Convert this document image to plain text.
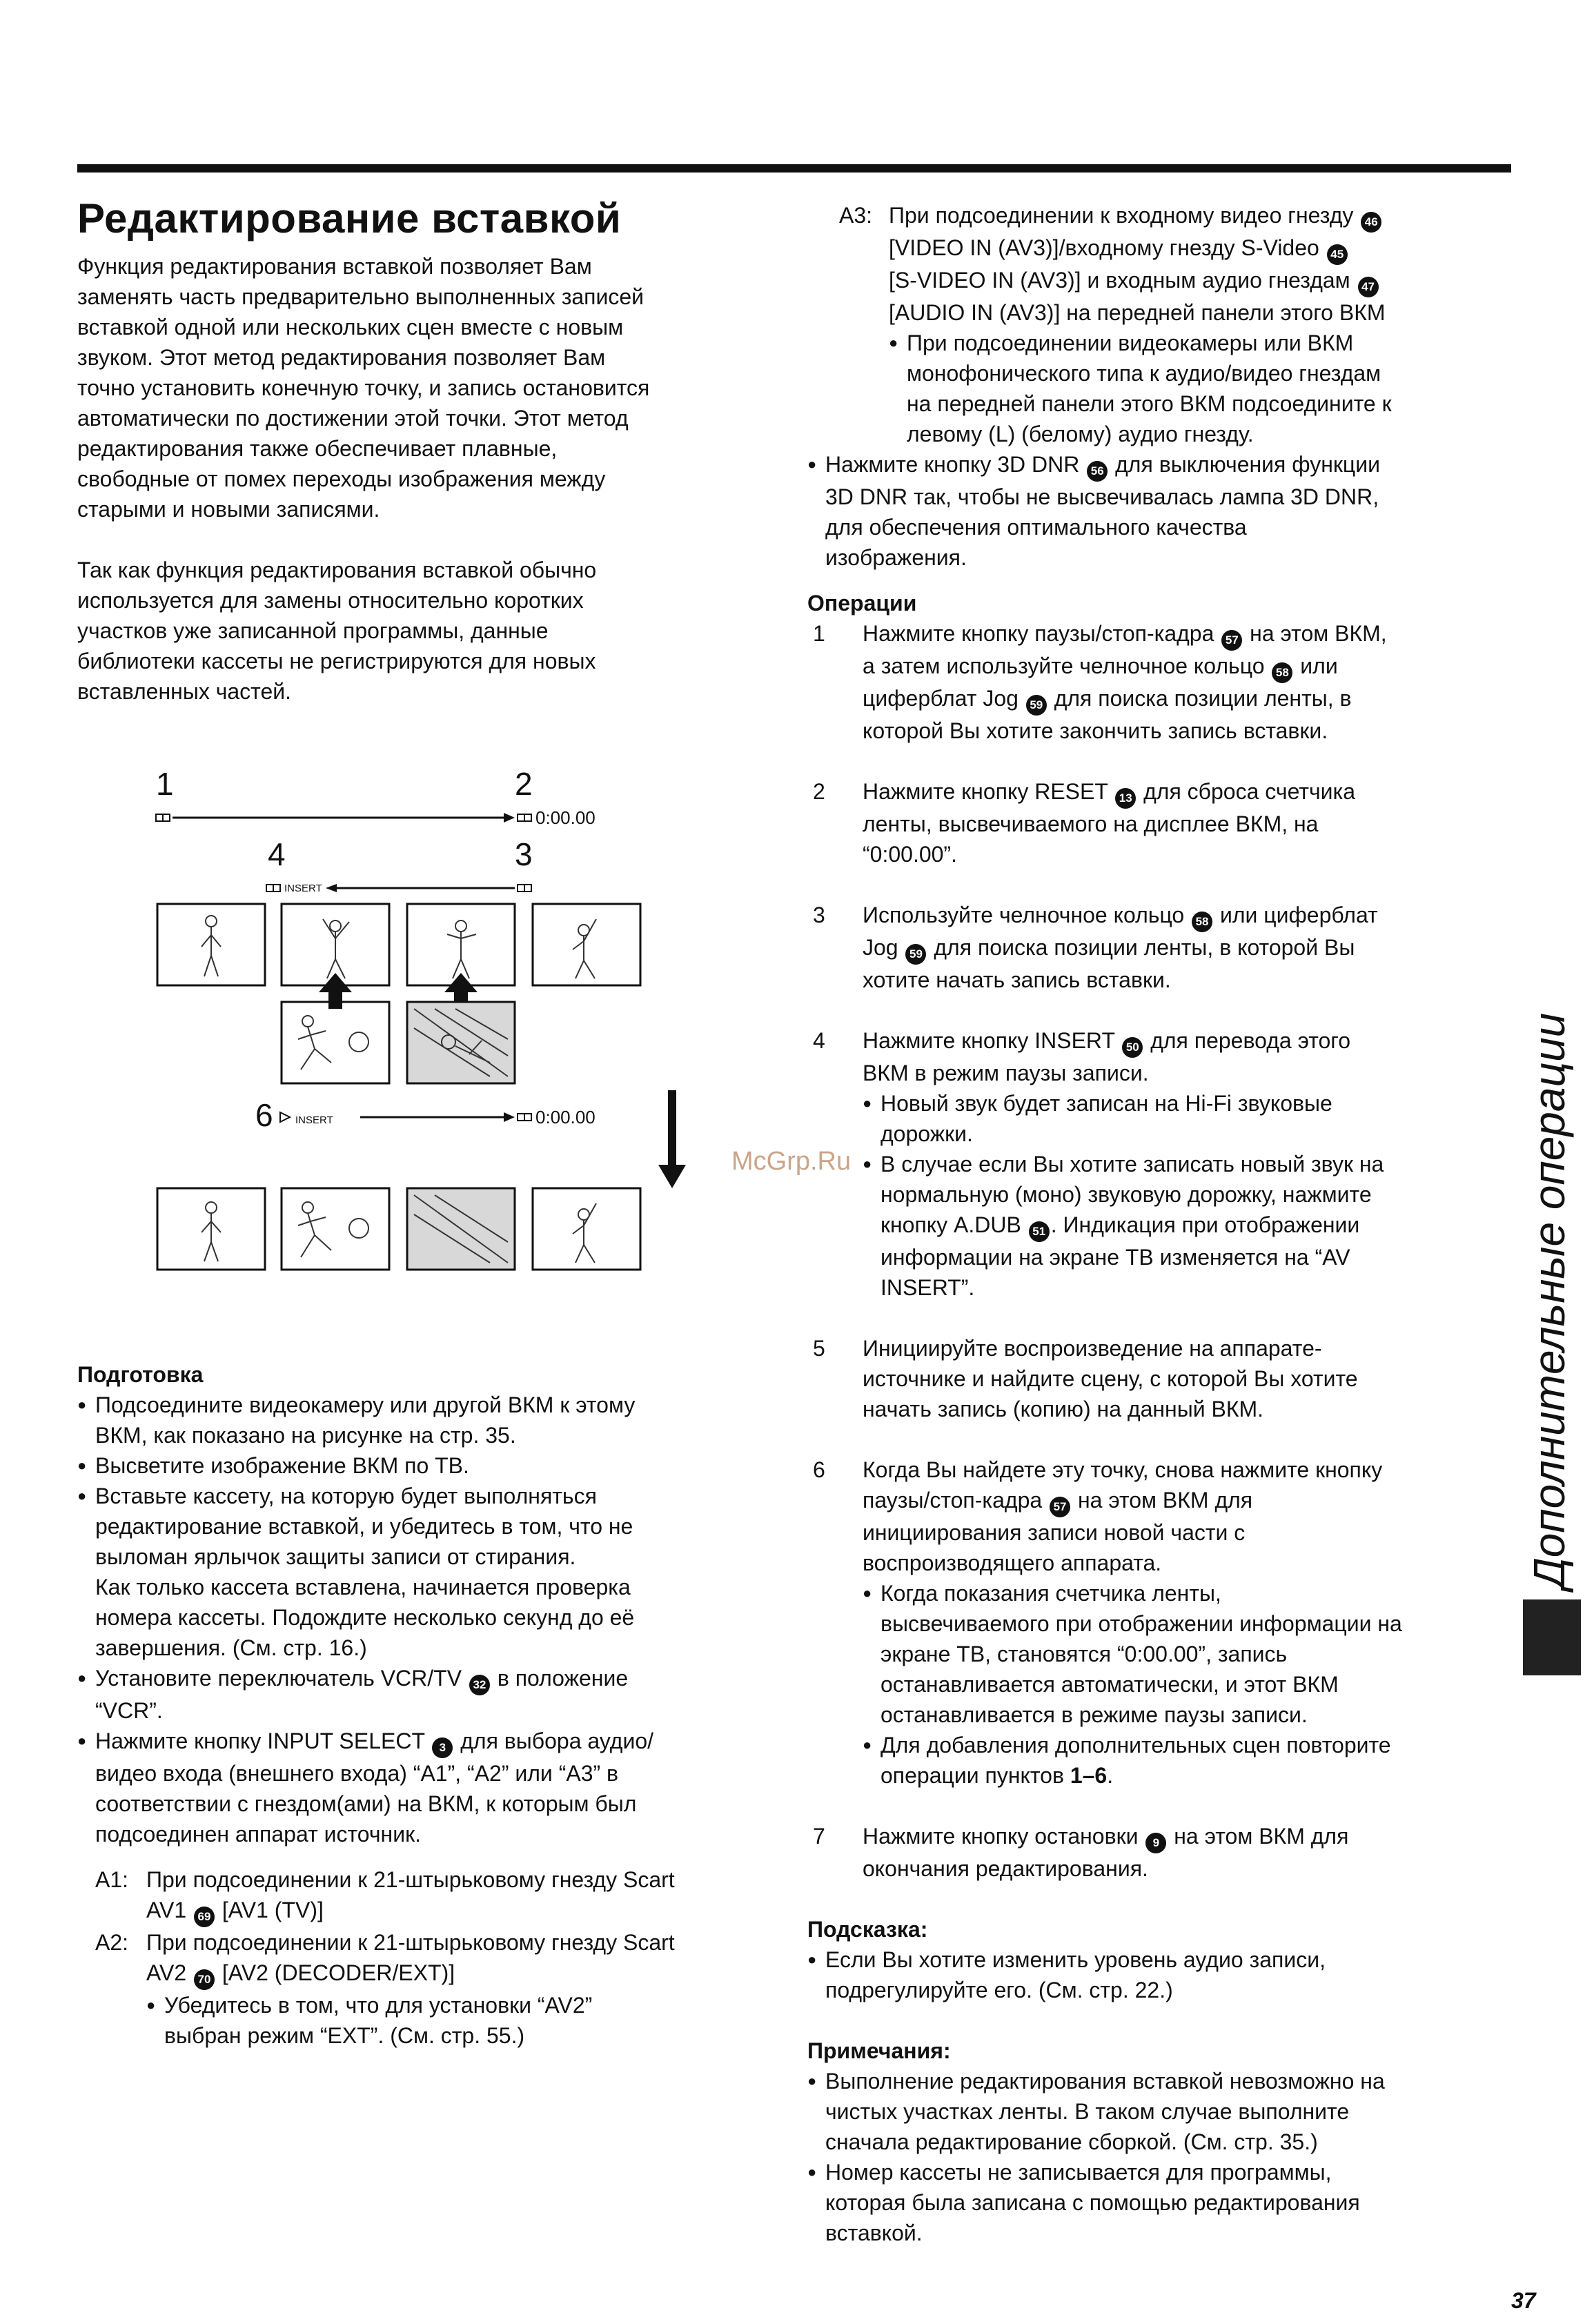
Редактирование вставкой

Функция редактирования вставкой позволяет Вам

заменять часть предварительно выполненных записей

вставкой одной или нескольких сцен вместе с новым

звуком. Этот метод редактирования позволяет Вам

точно установить конечную точку, и запись остановится

автоматически по достижении этой точки. Этот метод

редактирования также обеспечивает плавные,

свободные от помех переходы изображения между

старыми и новыми записями.

Так как функция редактирования вставкой обычно

используется для замены относительно коротких

участков уже записанной программы, данные

библиотеки кассеты не регистрируются для новых

вставленных частей.

1	2
0:00.00
4	3
INSERT
6 INSERT	0:00.00

Подготовка

● Подсоедините видеокамеру или другой ВКМ к этому

ВКМ, как показано на рисунке на стр. 35.

● Высветите изображение ВКМ по ТВ.

● Вставьте кассету, на которую будет выполняться

редактирование вставкой, и убедитесь в том, что не

выломан ярлычок защиты записи от стирания.

Как только кассета вставлена, начинается проверка

номера кассеты. Подождите несколько секунд до её

завершения. (См. стр. 16.)

● Установите переключатель VCR/TV 32 в положение

“VCR”.

● Нажмите кнопку INPUT SELECT 3 для выбора аудио/

видео входа (внешнего входа) “A1”, “A2” или “A3” в

соответствии с гнездом(ами) на ВКМ, к которым был

подсоединен аппарат источник.

A1: При подсоединении к 21-штырьковому гнезду Scart

AV1 69 [AV1 (TV)]

A2: При подсоединении к 21-штырьковому гнезду Scart

AV2 70 [AV2 (DECODER/EXT)]

● Убедитесь в том, что для установки “AV2”

выбран режим “EXT”. (См. стр. 55.)

A3: При подсоединении к входному видео гнезду 46

[VIDEO IN (AV3)]/входному гнезду S-Video 45

[S-VIDEO IN (AV3)] и входным аудио гнездам 47

[AUDIO IN (AV3)] на передней панели этого ВКМ

● При подсоединении видеокамеры или ВКМ

монофонического типа к аудио/видео гнездам

на передней панели этого ВКМ подсоедините к

левому (L) (белому) аудио гнезду.

● Нажмите кнопку 3D DNR 56 для выключения функции

3D DNR так, чтобы не высвечивалась лампа 3D DNR,

для обеспечения оптимального качества

изображения.

Операции

1 Нажмите кнопку паузы/стоп-кадра 57 на этом ВКМ,

а затем используйте челночное кольцо 58 или

циферблат Jog 59 для поиска позиции ленты, в

которой Вы хотите закончить запись вставки.

2 Нажмите кнопку RESET 13 для сброса счетчика

ленты, высвечиваемого на дисплее ВКМ, на

“0:00.00”.

3 Используйте челночное кольцо 58 или циферблат

Jog 59 для поиска позиции ленты, в которой Вы

хотите начать запись вставки.

4 Нажмите кнопку INSERT 50 для перевода этого

ВКМ в режим паузы записи.

● Новый звук будет записан на Hi-Fi звуковые

дорожки.

● В случае если Вы хотите записать новый звук на

нормальную (моно) звуковую дорожку, нажмите

кнопку A.DUB 51 . Индикация при отображении

информации на экране ТВ изменяется на “AV

INSERT”.

5 Инициируйте воспроизведение на аппарате-

источнике и найдите сцену, с которой Вы хотите

начать запись (копию) на данный ВКМ.

6 Когда Вы найдете эту точку, снова нажмите кнопку

паузы/стоп-кадра 57 на этом ВКМ для

инициирования записи новой части с

воспроизводящего аппарата.

● Когда показания счетчика ленты,

высвечиваемого при отображении информации на

экране ТВ, становятся “0:00.00”, запись

останавливается автоматически, и этот ВКМ

останавливается в режиме паузы записи.

● Для добавления дополнительных сцен повторите

операции пунктов 1–6.

7 Нажмите кнопку остановки 9 на этом ВКМ для

окончания редактирования.

Подсказка:

● Если Вы хотите изменить уровень аудио записи,

подрегулируйте его. (См. стр. 22.)

Примечания:

● Выполнение редактирования вставкой невозможно на

чистых участках ленты. В таком случае выполните

сначала редактирование сборкой. (См. стр. 35.)

● Номер кассеты не записывается для программы,

которая была записана с помощью редактирования

вставкой.

Дополнительные операции
McGrp.Ru
37
